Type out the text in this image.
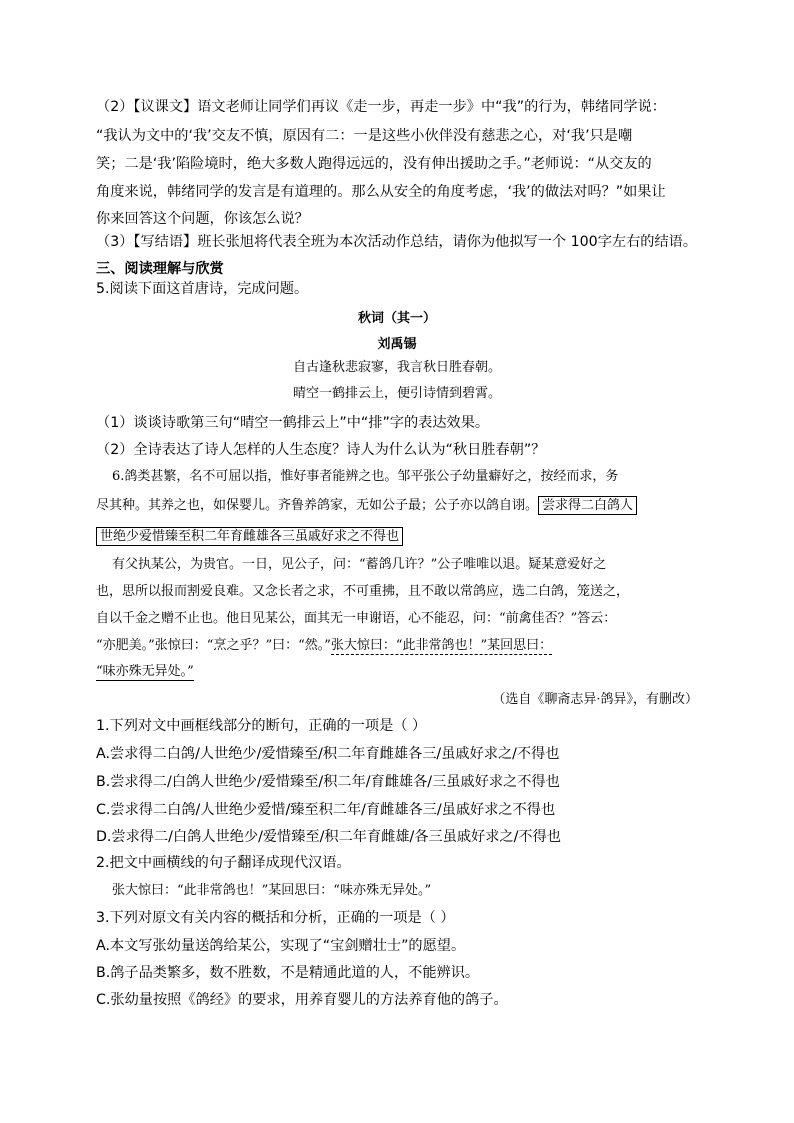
（2）【议课文】语文老师让同学们再议《走一步，再走一步》中“我”的行为，韩绪同学说：
“我认为文中的‘我’交友不慎，原因有二：一是这些小伙伴没有慈悲之心，对‘我’只是嘲
笑；二是‘我’陷险境时，绝大多数人跑得远远的，没有伸出援助之手。”老师说：“从交友的
角度来说，韩绪同学的发言是有道理的。那么从安全的角度考虑，‘我’的做法对吗？”如果让
你来回答这个问题，你该怎么说？
（3）【写结语】班长张旭将代表全班为本次活动作总结，请你为他拟写一个 100字左右的结语。
三、阅读理解与欣赏
5.阅读下面这首唐诗，完成问题。
秋词（其一）
刘禹锡
自古逢秋悲寂寥，我言秋日胜春朝。
晴空一鹤排云上，便引诗情到碧霄。
（1）谈谈诗歌第三句“晴空一鹤排云上”中“排”字的表达效果。
（2）全诗表达了诗人怎样的人生态度？诗人为什么认为“秋日胜春朝”？
6.鸽类甚繁，名不可屈以指，惟好事者能辨之也。邹平张公子幼量癖好之，按经而求，务
尽其种。其养之也，如保婴儿。齐鲁养鸽家，无如公子最；公子亦以鸽自诩。 尝求得二白鸽人
世绝少爱惜臻至积二年育雌雄各三虽戚好求之不得也
有父执某公，为贵官。一日，见公子，问：“蓄鸽几许？”公子唯唯以退。疑某意爱好之
也，思所以报而割爱良难。又念长者之求，不可重拂，且不敢以常鸽应，选二白鸽，笼送之，
自以千金之赠不止也。他日见某公，面其无一申谢语，心不能忍，问：“前禽佳否？”答云：
“亦肥美。”张惊曰：“烹之乎？”曰：“然。”张大惊曰：“此非常鸽也！”某回思曰：
“味亦殊无异处。”
（选自《聊斋志异·鸽异》，有删改）
1.下列对文中画框线部分的断句，正确的一项是（ ）
A.尝求得二白鸽/人世绝少/爱惜臻至/积二年育雌雄各三/虽戚好求之/不得也
B.尝求得二/白鸽人世绝少/爱惜臻至/积二年/育雌雄各/三虽戚好求之不得也
C.尝求得二白鸽/人世绝少爱惜/臻至积二年/育雌雄各三/虽戚好求之不得也
D.尝求得二/白鸽人世绝少/爱惜臻至/积二年育雌雄/各三虽戚好求之/不得也
2.把文中画横线的句子翻译成现代汉语。
张大惊曰：“此非常鸽也！”某回思曰：“味亦殊无异处。”
3.下列对原文有关内容的概括和分析，正确的一项是（ ）
A.本文写张幼量送鸽给某公，实现了“宝剑赠壮士”的愿望。
B.鸽子品类繁多，数不胜数，不是精通此道的人，不能辨识。
C.张幼量按照《鸽经》的要求，用养育婴儿的方法养育他的鸽子。
